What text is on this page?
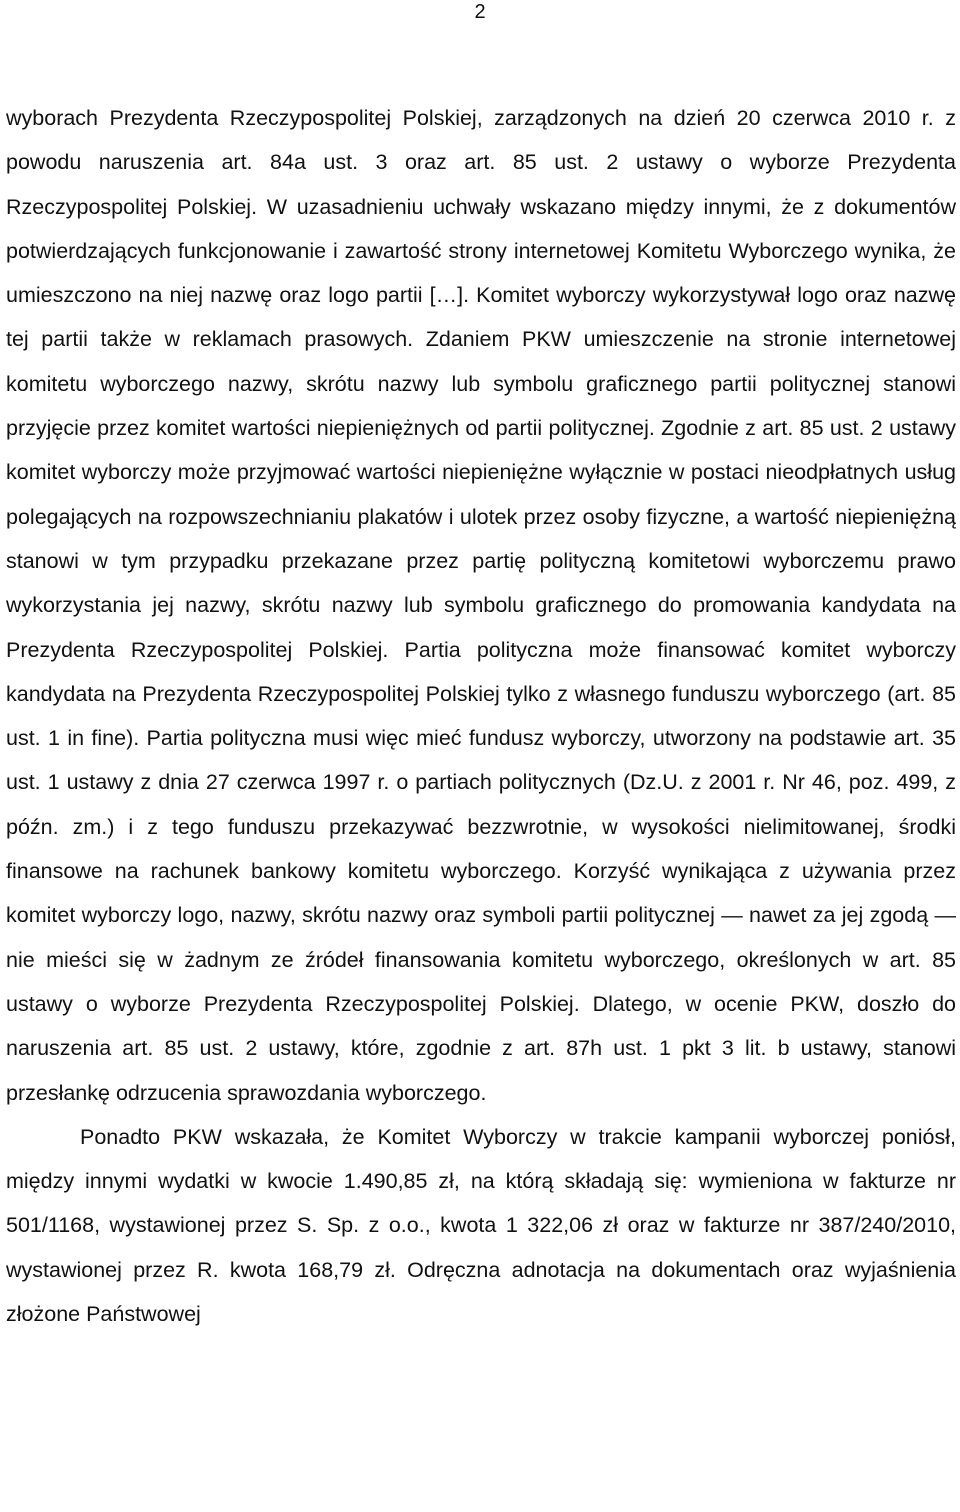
2

wyborach Prezydenta Rzeczypospolitej Polskiej, zarządzonych na dzień 20 czerwca 2010 r. z powodu naruszenia art. 84a ust. 3 oraz art. 85 ust. 2 ustawy o wyborze Prezydenta Rzeczypospolitej Polskiej. W uzasadnieniu uchwały wskazano między innymi, że z dokumentów potwierdzających funkcjonowanie i zawartość strony internetowej Komitetu Wyborczego wynika, że umieszczono na niej nazwę oraz logo partii […]. Komitet wyborczy wykorzystywał logo oraz nazwę tej partii także w reklamach prasowych. Zdaniem PKW umieszczenie na stronie internetowej komitetu wyborczego nazwy, skrótu nazwy lub symbolu graficznego partii politycznej stanowi przyjęcie przez komitet wartości niepieniężnych od partii politycznej. Zgodnie z art. 85 ust. 2 ustawy komitet wyborczy może przyjmować wartości niepieniężne wyłącznie w postaci nieodpłatnych usług polegających na rozpowszechnianiu plakatów i ulotek przez osoby fizyczne, a wartość niepieniężną stanowi w tym przypadku przekazane przez partię polityczną komitetowi wyborczemu prawo wykorzystania jej nazwy, skrótu nazwy lub symbolu graficznego do promowania kandydata na Prezydenta Rzeczypospolitej Polskiej. Partia polityczna może finansować komitet wyborczy kandydata na Prezydenta Rzeczypospolitej Polskiej tylko z własnego funduszu wyborczego (art. 85 ust. 1 in fine). Partia polityczna musi więc mieć fundusz wyborczy, utworzony na podstawie art. 35 ust. 1 ustawy z dnia 27 czerwca 1997 r. o partiach politycznych (Dz.U. z 2001 r. Nr 46, poz. 499, z późn. zm.) i z tego funduszu przekazywać bezzwrotnie, w wysokości nielimitowanej, środki finansowe na rachunek bankowy komitetu wyborczego. Korzyść wynikająca z używania przez komitet wyborczy logo, nazwy, skrótu nazwy oraz symboli partii politycznej — nawet za jej zgodą — nie mieści się w żadnym ze źródeł finansowania komitetu wyborczego, określonych w art. 85 ustawy o wyborze Prezydenta Rzeczypospolitej Polskiej. Dlatego, w ocenie PKW, doszło do naruszenia art. 85 ust. 2 ustawy, które, zgodnie z art. 87h ust. 1 pkt 3 lit. b ustawy, stanowi przesłankę odrzucenia sprawozdania wyborczego.

Ponadto PKW wskazała, że Komitet Wyborczy w trakcie kampanii wyborczej poniósł, między innymi wydatki w kwocie 1.490,85 zł, na którą składają się: wymieniona w fakturze nr 501/1168, wystawionej przez S. Sp. z o.o., kwota 1 322,06 zł oraz w fakturze nr 387/240/2010, wystawionej przez R. kwota 168,79 zł. Odręczna adnotacja na dokumentach oraz wyjaśnienia złożone Państwowej
